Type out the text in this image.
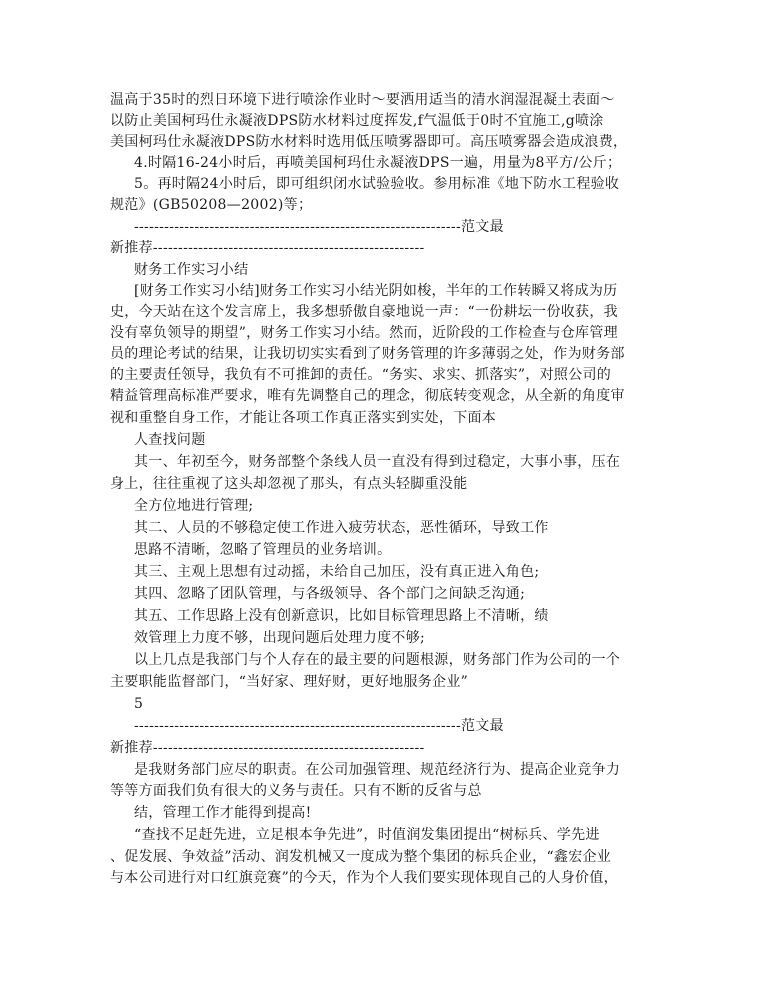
温高于35时的烈日环境下进行喷涂作业时～要洒用适当的清水润湿混凝土表面～
以防止美国柯玛仕永凝液DPS防水材料过度挥发,f气温低于0时不宜施工,g喷涂
美国柯玛仕永凝液DPS防水材料时选用低压喷雾器即可。高压喷雾器会造成浪费，
4.时隔16-24小时后，再喷美国柯玛仕永凝液DPS一遍，用量为8平方/公斤；
5。再时隔24小时后，即可组织闭水试验验收。参用标准《地下防水工程验收
规范》(GB50208—2002)等；
-----------------------------------------------------------------范文最
新推荐------------------------------------------------------
财务工作实习小结
[财务工作实习小结]财务工作实习小结光阴如梭，半年的工作转瞬又将成为历
史，今天站在这个发言席上，我多想骄傲自豪地说一声：“一份耕坛一份收获，我
没有辜负领导的期望”，财务工作实习小结。然而，近阶段的工作检查与仓库管理
员的理论考试的结果，让我切切实实看到了财务管理的许多薄弱之处，作为财务部
的主要责任领导，我负有不可推卸的责任。“务实、求实、抓落实”，对照公司的
精益管理高标准严要求，唯有先调整自己的理念，彻底转变观念，从全新的角度审
视和重整自身工作，才能让各项工作真正落实到实处，下面本
人查找问题
其一、年初至今，财务部整个条线人员一直没有得到过稳定，大事小事，压在
身上，往往重视了这头却忽视了那头，有点头轻脚重没能
全方位地进行管理;
其二、人员的不够稳定使工作进入疲劳状态，恶性循环，导致工作
思路不清晰，忽略了管理员的业务培训。
其三、主观上思想有过动摇，未给自己加压，没有真正进入角色;
其四、忽略了团队管理，与各级领导、各个部门之间缺乏沟通;
其五、工作思路上没有创新意识，比如目标管理思路上不清晰，绩
效管理上力度不够，出现问题后处理力度不够;
以上几点是我部门与个人存在的最主要的问题根源，财务部门作为公司的一个
主要职能监督部门，“当好家、理好财，更好地服务企业”
5
-----------------------------------------------------------------范文最
新推荐------------------------------------------------------
是我财务部门应尽的职责。在公司加强管理、规范经济行为、提高企业竞争力
等等方面我们负有很大的义务与责任。只有不断的反省与总
结，管理工作才能得到提高!
“查找不足赶先进，立足根本争先进”，时值润发集团提出“树标兵、学先进
、促发展、争效益”活动、润发机械又一度成为整个集团的标兵企业，“鑫宏企业
与本公司进行对口红旗竞赛”的今天，作为个人我们要实现体现自己的人身价值，
